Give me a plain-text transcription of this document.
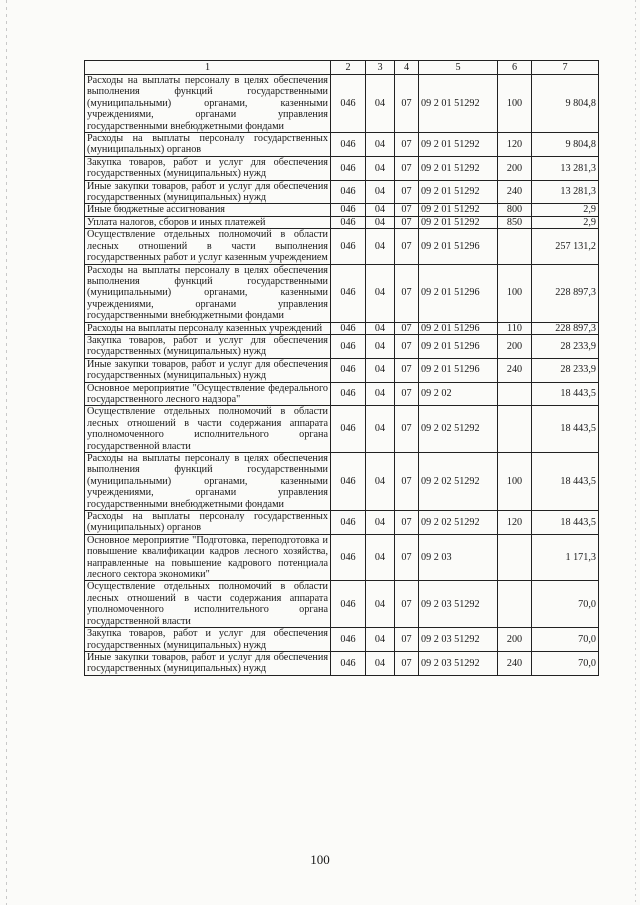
1	2	3	4	5	6	7
Расходы на выплаты персоналу в целях обеспечения выполнения функций государственными (муниципальными) органами, казенными учреждениями, органами управления государственными внебюджетными фондами	046	04	07	09 2 01 51292	100	9 804,8
Расходы на выплаты персоналу государственных (муниципальных) органов	046	04	07	09 2 01 51292	120	9 804,8
Закупка товаров, работ и услуг для обеспечения государственных (муниципальных) нужд	046	04	07	09 2 01 51292	200	13 281,3
Иные закупки товаров, работ и услуг для обеспечения государственных (муниципальных) нужд	046	04	07	09 2 01 51292	240	13 281,3
Иные бюджетные ассигнования	046	04	07	09 2 01 51292	800	2,9
Уплата налогов, сборов и иных платежей	046	04	07	09 2 01 51292	850	2,9
Осуществление отдельных полномочий в области лесных отношений в части выполнения государственных работ и услуг казенным учреждением	046	04	07	09 2 01 51296		257 131,2
Расходы на выплаты персоналу в целях обеспечения выполнения функций государственными (муниципальными) органами, казенными учреждениями, органами управления государственными внебюджетными фондами	046	04	07	09 2 01 51296	100	228 897,3
Расходы на выплаты персоналу казенных учреждений	046	04	07	09 2 01 51296	110	228 897,3
Закупка товаров, работ и услуг для обеспечения государственных (муниципальных) нужд	046	04	07	09 2 01 51296	200	28 233,9
Иные закупки товаров, работ и услуг для обеспечения государственных (муниципальных) нужд	046	04	07	09 2 01 51296	240	28 233,9
Основное мероприятие "Осуществление федерального государственного лесного надзора"	046	04	07	09 2 02		18 443,5
Осуществление отдельных полномочий в области лесных отношений в части содержания аппарата уполномоченного исполнительного органа государственной власти	046	04	07	09 2 02 51292		18 443,5
Расходы на выплаты персоналу в целях обеспечения выполнения функций государственными (муниципальными) органами, казенными учреждениями, органами управления государственными внебюджетными фондами	046	04	07	09 2 02 51292	100	18 443,5
Расходы на выплаты персоналу государственных (муниципальных) органов	046	04	07	09 2 02 51292	120	18 443,5
Основное мероприятие "Подготовка, переподготовка и повышение квалификации кадров лесного хозяйства, направленные на повышение кадрового потенциала лесного сектора экономики"	046	04	07	09 2 03		1 171,3
Осуществление отдельных полномочий в области лесных отношений в части содержания аппарата уполномоченного исполнительного органа государственной власти	046	04	07	09 2 03 51292		70,0
Закупка товаров, работ и услуг для обеспечения государственных (муниципальных) нужд	046	04	07	09 2 03 51292	200	70,0
Иные закупки товаров, работ и услуг для обеспечения государственных (муниципальных) нужд	046	04	07	09 2 03 51292	240	70,0
100
